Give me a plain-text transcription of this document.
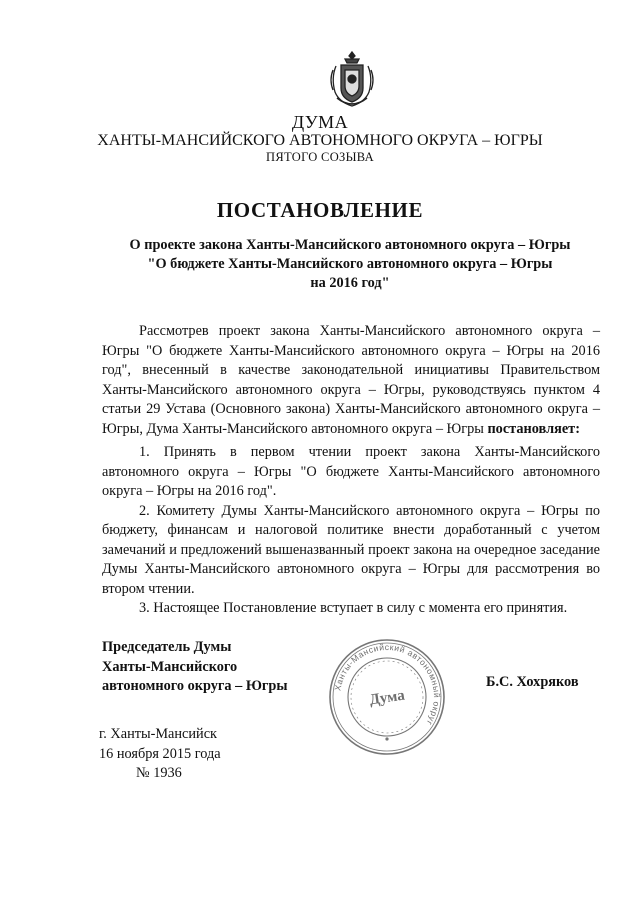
ДУМА
ХАНТЫ-МАНСИЙСКОГО АВТОНОМНОГО ОКРУГА – ЮГРЫ
ПЯТОГО СОЗЫВА
ПОСТАНОВЛЕНИЕ
О проекте закона Ханты-Мансийского автономного округа – Югры
"О бюджете Ханты-Мансийского автономного округа – Югры
на 2016 год"
Рассмотрев проект закона Ханты-Мансийского автономного округа – Югры "О бюджете Ханты-Мансийского автономного округа – Югры на 2016 год", внесенный в качестве законодательной инициативы Правительством Ханты-Мансийского автономного округа – Югры, руководствуясь пунктом 4 статьи 29 Устава (Основного закона) Ханты-Мансийского автономного округа – Югры, Дума Ханты-Мансийского автономного округа – Югры постановляет:

1. Принять в первом чтении проект закона Ханты-Мансийского автономного округа – Югры "О бюджете Ханты-Мансийского автономного округа – Югры на 2016 год".

2. Комитету Думы Ханты-Мансийского автономного округа – Югры по бюджету, финансам и налоговой политике внести доработанный с учетом замечаний и предложений вышеназванный проект закона на очередное заседание Думы Ханты-Мансийского автономного округа – Югры для рассмотрения во втором чтении.

3. Настоящее Постановление вступает в силу с момента его принятия.

Председатель Думы
Ханты-Мансийского
автономного округа – Югры	Ханты-Мансийский автономный округ
Дума
Б.С. Хохряков
г. Ханты-Мансийск
16 ноября 2015 года
№ 1936
